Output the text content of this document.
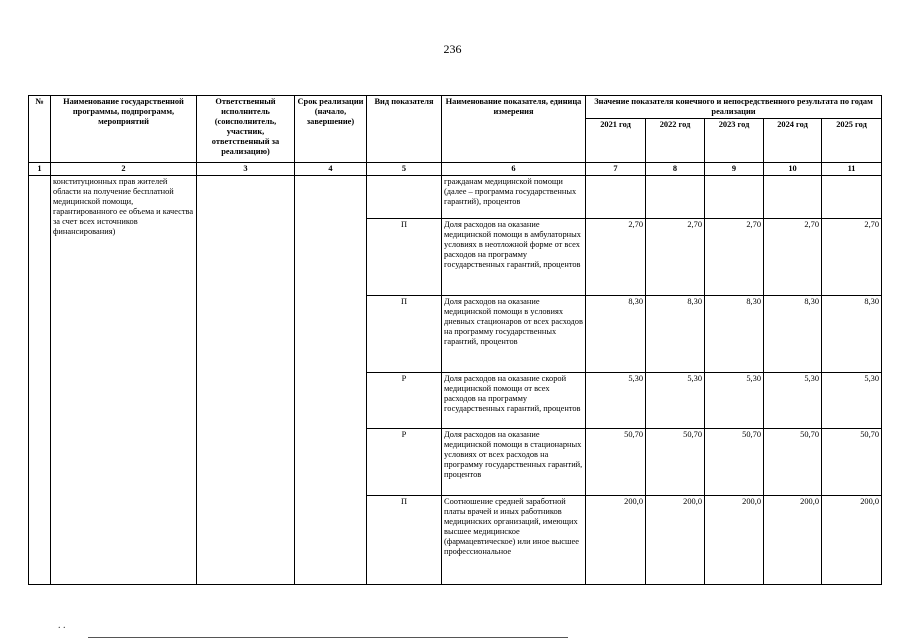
236
№	Наименование государственной программы, подпрограмм, мероприятий	Ответственный исполнитель (соисполнитель, участник, ответственный за реализацию)	Срок реализации (начало, завершение)	Вид показателя	Наименование показателя, единица измерения	Значение показателя конечного и непосредственного результата по годам реализации				
						2021 год	2022 год	2023 год	2024 год	2025 год
1	2	3	4	5	6	7	8	9	10	11
	конституционных прав жителей области на получение бесплатной медицинской помощи, гарантированного ее объема и качества за счет всех источников финансирования)				гражданам медицинской помощи (далее – программа государственных гарантий), процентов					
				П	Доля расходов на оказание медицинской помощи в амбулаторных условиях в неотложной форме от всех расходов на программу государственных гарантий, процентов	2,70	2,70	2,70	2,70	2,70
				П	Доля расходов на оказание медицинской помощи в условиях дневных стационаров от всех расходов на программу государственных гарантий, процентов	8,30	8,30	8,30	8,30	8,30
				Р	Доля расходов на оказание скорой медицинской помощи от всех расходов на программу государственных гарантий, процентов	5,30	5,30	5,30	5,30	5,30
				Р	Доля расходов на оказание медицинской помощи в стационарных условиях от всех расходов на программу государственных гарантий, процентов	50,70	50,70	50,70	50,70	50,70
				П	Соотношение средней заработной платы врачей и иных работников медицинских организаций, имеющих высшее медицинское (фармацевтическое) или иное высшее профессиональное	200,0	200,0	200,0	200,0	200,0
. .
